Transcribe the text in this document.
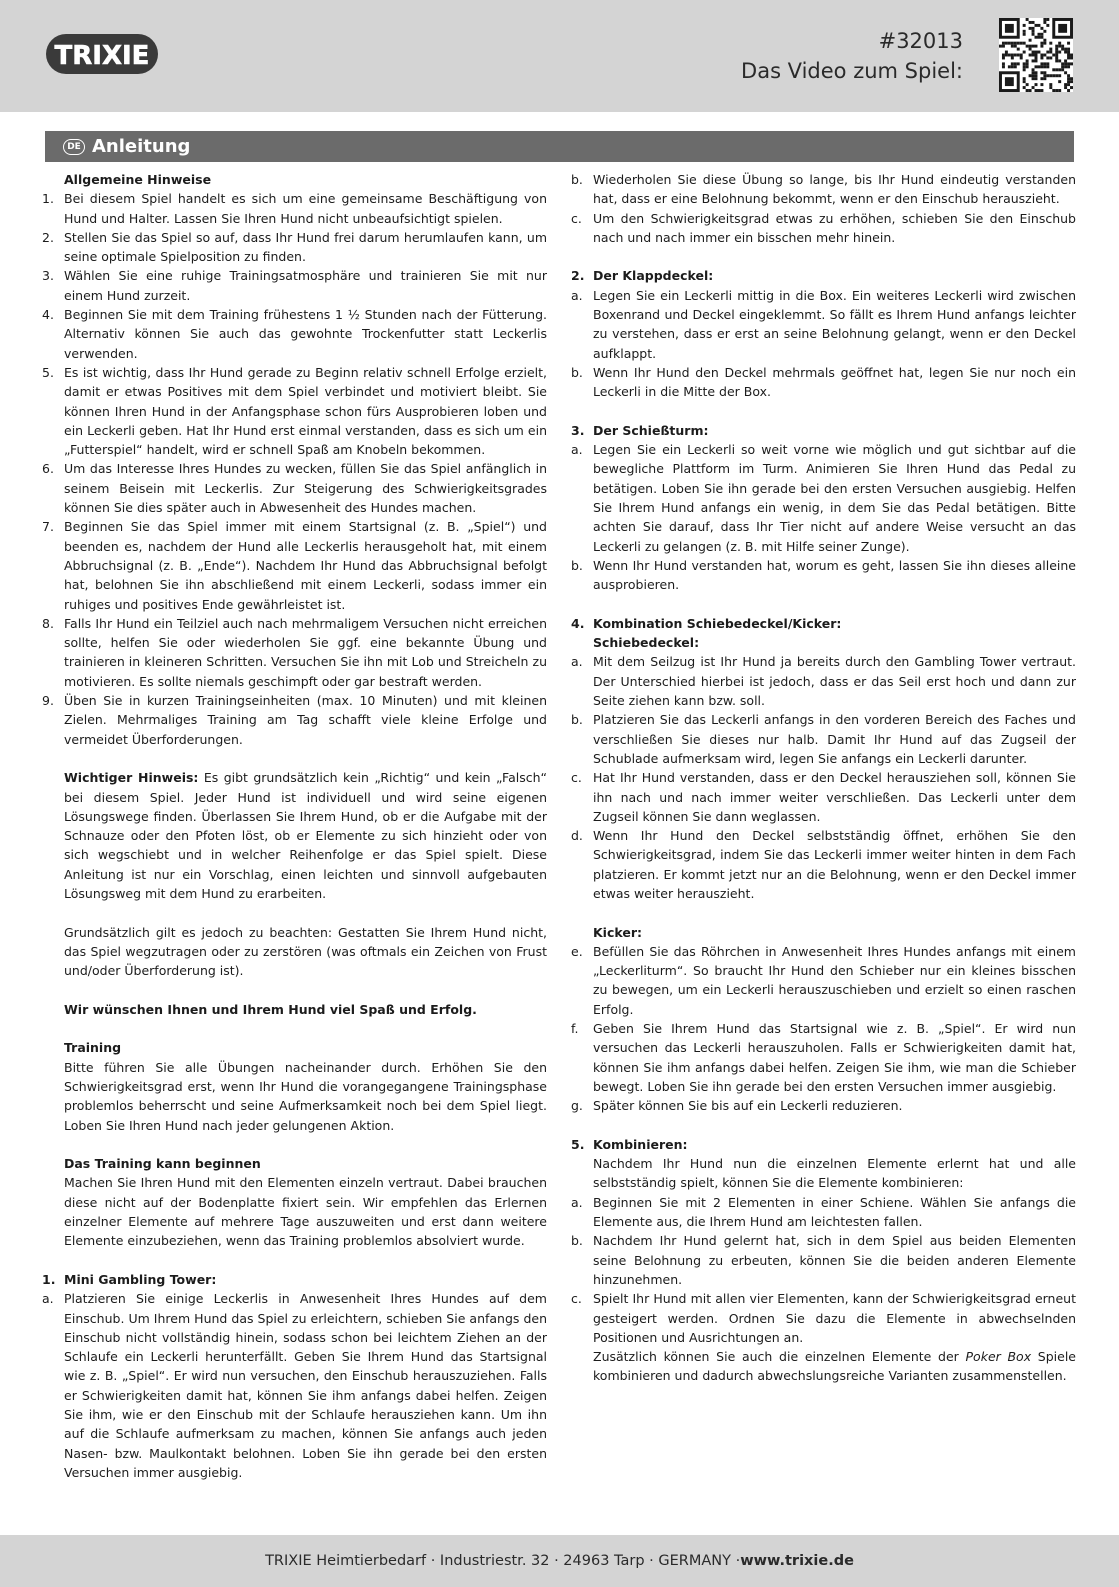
TRIXIE	#32013
Das Video zum Spiel:
DE Anleitung

Allgemeine Hinweise

1. Bei diesem Spiel handelt es sich um eine gemeinsame Beschäftigung von Hund und Halter. Lassen Sie Ihren Hund nicht unbeaufsichtigt spielen.
2. Stellen Sie das Spiel so auf, dass Ihr Hund frei darum herumlaufen kann, um seine optimale Spielposition zu finden.
3. Wählen Sie eine ruhige Trainingsatmosphäre und trainieren Sie mit nur einem Hund zurzeit.
4. Beginnen Sie mit dem Training frühestens 1 ½ Stunden nach der Fütterung. Alternativ können Sie auch das gewohnte Trockenfutter statt Leckerlis verwenden.
5. Es ist wichtig, dass Ihr Hund gerade zu Beginn relativ schnell Erfolge erzielt, damit er etwas Positives mit dem Spiel verbindet und motiviert bleibt. Sie können Ihren Hund in der Anfangsphase schon fürs Ausprobieren loben und ein Leckerli geben. Hat Ihr Hund erst einmal verstanden, dass es sich um ein „Futterspiel“ handelt, wird er schnell Spaß am Knobeln bekommen.
6. Um das Interesse Ihres Hundes zu wecken, füllen Sie das Spiel anfänglich in seinem Beisein mit Leckerlis. Zur Steigerung des Schwierigkeitsgrades können Sie dies später auch in Abwesenheit des Hundes machen.
7. Beginnen Sie das Spiel immer mit einem Startsignal (z. B. „Spiel“) und beenden es, nachdem der Hund alle Leckerlis herausgeholt hat, mit einem Abbruchsignal (z. B. „Ende“). Nachdem Ihr Hund das Abbruchsignal befolgt hat, belohnen Sie ihn abschließend mit einem Leckerli, sodass immer ein ruhiges und positives Ende gewährleistet ist.
8. Falls Ihr Hund ein Teilziel auch nach mehrmaligem Versuchen nicht erreichen sollte, helfen Sie oder wiederholen Sie ggf. eine bekannte Übung und trainieren in kleineren Schritten. Versuchen Sie ihn mit Lob und Streicheln zu motivieren. Es sollte niemals geschimpft oder gar bestraft werden.
9. Üben Sie in kurzen Trainingseinheiten (max. 10 Minuten) und mit kleinen Zielen. Mehrmaliges Training am Tag schafft viele kleine Erfolge und vermeidet Überforderungen.

Wichtiger Hinweis: Es gibt grundsätzlich kein „Richtig“ und kein „Falsch“ bei diesem Spiel. Jeder Hund ist individuell und wird seine eigenen Lösungswege finden. Überlassen Sie Ihrem Hund, ob er die Aufgabe mit der Schnauze oder den Pfoten löst, ob er Elemente zu sich hinzieht oder von sich wegschiebt und in welcher Reihenfolge er das Spiel spielt. Diese Anleitung ist nur ein Vorschlag, einen leichten und sinnvoll aufgebauten Lösungsweg mit dem Hund zu erarbeiten.

Grundsätzlich gilt es jedoch zu beachten: Gestatten Sie Ihrem Hund nicht, das Spiel wegzutragen oder zu zerstören (was oftmals ein Zeichen von Frust und/oder Überforderung ist).

Wir wünschen Ihnen und Ihrem Hund viel Spaß und Erfolg.

Training

Bitte führen Sie alle Übungen nacheinander durch. Erhöhen Sie den Schwierigkeitsgrad erst, wenn Ihr Hund die vorangegangene Trainingsphase problemlos beherrscht und seine Aufmerksamkeit noch bei dem Spiel liegt. Loben Sie Ihren Hund nach jeder gelungenen Aktion.

Das Training kann beginnen

Machen Sie Ihren Hund mit den Elementen einzeln vertraut. Dabei brauchen diese nicht auf der Bodenplatte fixiert sein. Wir empfehlen das Erlernen einzelner Elemente auf mehrere Tage auszuweiten und erst dann weitere Elemente einzubeziehen, wenn das Training problemlos absolviert wurde.

1. Mini Gambling Tower:
a. Platzieren Sie einige Leckerlis in Anwesenheit Ihres Hundes auf dem Einschub. Um Ihrem Hund das Spiel zu erleichtern, schieben Sie anfangs den Einschub nicht vollständig hinein, sodass schon bei leichtem Ziehen an der Schlaufe ein Leckerli herunterfällt. Geben Sie Ihrem Hund das Startsignal wie z. B. „Spiel“. Er wird nun versuchen, den Einschub herauszuziehen. Falls er Schwierigkeiten damit hat, können Sie ihm anfangs dabei helfen. Zeigen Sie ihm, wie er den Einschub mit der Schlaufe herausziehen kann. Um ihn auf die Schlaufe aufmerksam zu machen, können Sie anfangs auch jeden Nasen- bzw. Maulkontakt belohnen. Loben Sie ihn gerade bei den ersten Versuchen immer ausgiebig.
b. Wiederholen Sie diese Übung so lange, bis Ihr Hund eindeutig verstanden hat, dass er eine Belohnung bekommt, wenn er den Einschub herauszieht.
c. Um den Schwierigkeitsgrad etwas zu erhöhen, schieben Sie den Einschub nach und nach immer ein bisschen mehr hinein.
2. Der Klappdeckel:
a. Legen Sie ein Leckerli mittig in die Box. Ein weiteres Leckerli wird zwischen Boxenrand und Deckel eingeklemmt. So fällt es Ihrem Hund anfangs leichter zu verstehen, dass er erst an seine Belohnung gelangt, wenn er den Deckel aufklappt.
b. Wenn Ihr Hund den Deckel mehrmals geöffnet hat, legen Sie nur noch ein Leckerli in die Mitte der Box.
3. Der Schießturm:
a. Legen Sie ein Leckerli so weit vorne wie möglich und gut sichtbar auf die bewegliche Plattform im Turm. Animieren Sie Ihren Hund das Pedal zu betätigen. Loben Sie ihn gerade bei den ersten Versuchen ausgiebig. Helfen Sie Ihrem Hund anfangs ein wenig, in dem Sie das Pedal betätigen. Bitte achten Sie darauf, dass Ihr Tier nicht auf andere Weise versucht an das Leckerli zu gelangen (z. B. mit Hilfe seiner Zunge).
b. Wenn Ihr Hund verstanden hat, worum es geht, lassen Sie ihn dieses alleine ausprobieren.
4. Kombination Schiebedeckel/Kicker:

Schiebedeckel:

a. Mit dem Seilzug ist Ihr Hund ja bereits durch den Gambling Tower vertraut. Der Unterschied hierbei ist jedoch, dass er das Seil erst hoch und dann zur Seite ziehen kann bzw. soll.
b. Platzieren Sie das Leckerli anfangs in den vorderen Bereich des Faches und verschließen Sie dieses nur halb. Damit Ihr Hund auf das Zugseil der Schublade aufmerksam wird, legen Sie anfangs ein Leckerli darunter.
c. Hat Ihr Hund verstanden, dass er den Deckel herausziehen soll, können Sie ihn nach und nach immer weiter verschließen. Das Leckerli unter dem Zugseil können Sie dann weglassen.
d. Wenn Ihr Hund den Deckel selbstständig öffnet, erhöhen Sie den Schwierigkeitsgrad, indem Sie das Leckerli immer weiter hinten in dem Fach platzieren. Er kommt jetzt nur an die Belohnung, wenn er den Deckel immer etwas weiter herauszieht.

Kicker:

e. Befüllen Sie das Röhrchen in Anwesenheit Ihres Hundes anfangs mit einem „Leckerliturm“. So braucht Ihr Hund den Schieber nur ein kleines bisschen zu bewegen, um ein Leckerli herauszuschieben und erzielt so einen raschen Erfolg.
f.	Geben Sie Ihrem Hund das Startsignal wie z. B. „Spiel“. Er wird nun versuchen das Leckerli herauszuholen. Falls er Schwierigkeiten damit hat, können Sie ihm anfangs dabei helfen. Zeigen Sie ihm, wie man die Schieber bewegt. Loben Sie ihn gerade bei den ersten Versuchen immer ausgiebig.
g. Später können Sie bis auf ein Leckerli reduzieren.
5. Kombinieren:

Nachdem Ihr Hund nun die einzelnen Elemente erlernt hat und alle selbstständig spielt, können Sie die Elemente kombinieren:

a. Beginnen Sie mit 2 Elementen in einer Schiene. Wählen Sie anfangs die Elemente aus, die Ihrem Hund am leichtesten fallen.
b. Nachdem Ihr Hund gelernt hat, sich in dem Spiel aus beiden Elementen seine Belohnung zu erbeuten, können Sie die beiden anderen Elemente hinzunehmen.
c. Spielt Ihr Hund mit allen vier Elementen, kann der Schwierigkeitsgrad erneut gesteigert werden. Ordnen Sie dazu die Elemente in abwechselnden Positionen und Ausrichtungen an.

Zusätzlich können Sie auch die einzelnen Elemente der Poker Box Spiele kombinieren und dadurch abwechslungsreiche Varianten zusammenstellen.

TRIXIE Heimtierbedarf · Industriestr. 32 · 24963 Tarp · GERMANY · www.trixie.de
